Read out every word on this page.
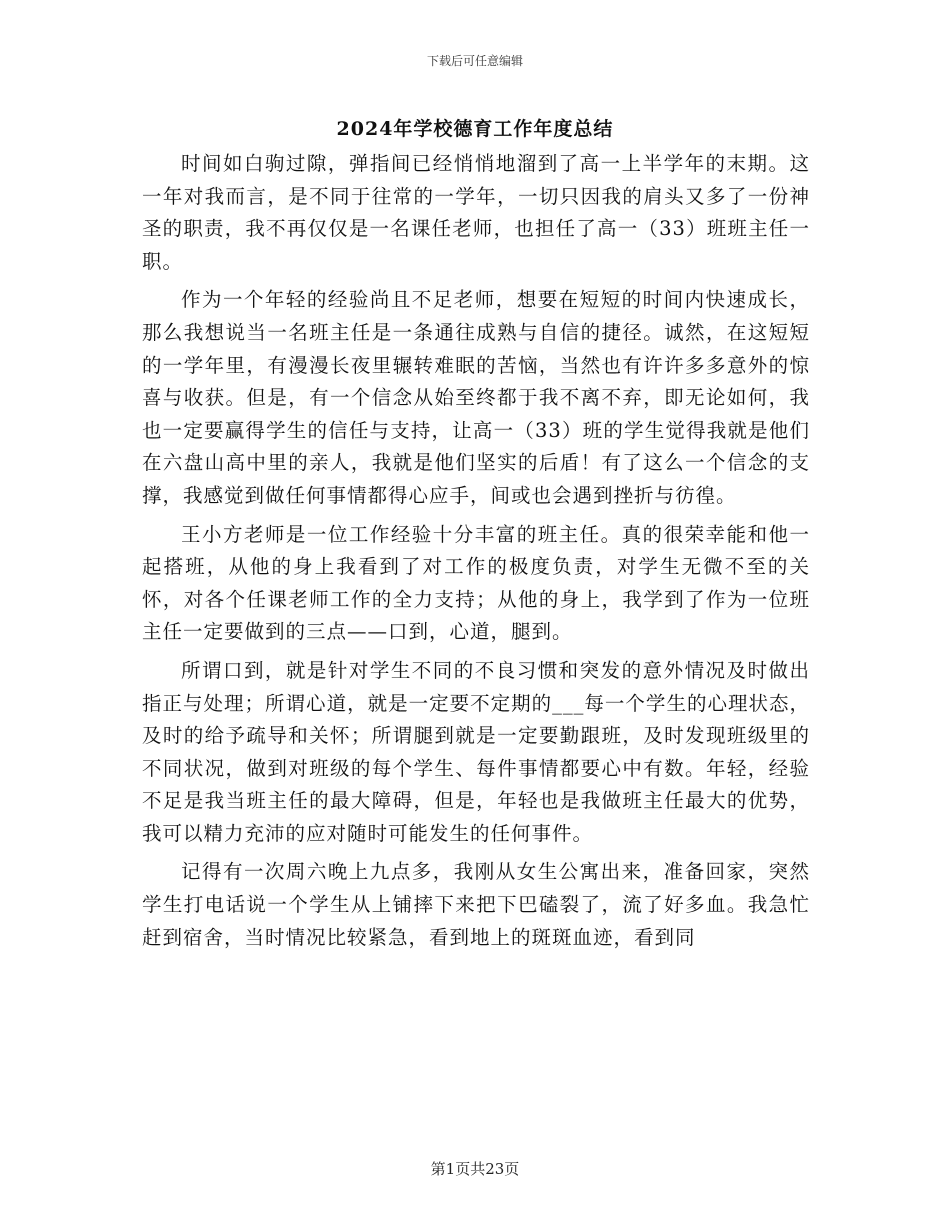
下载后可任意编辑
2024年学校德育工作年度总结

时间如白驹过隙，弹指间已经悄悄地溜到了高一上半学年的末期。这一年对我而言，是不同于往常的一学年，一切只因我的肩头又多了一份神圣的职责，我不再仅仅是一名课任老师，也担任了高一（33）班班主任一职。

作为一个年轻的经验尚且不足老师，想要在短短的时间内快速成长，那么我想说当一名班主任是一条通往成熟与自信的捷径。诚然，在这短短的一学年里，有漫漫长夜里辗转难眠的苦恼，当然也有许许多多意外的惊喜与收获。但是，有一个信念从始至终都于我不离不弃，即无论如何，我也一定要赢得学生的信任与支持，让高一（33）班的学生觉得我就是他们在六盘山高中里的亲人，我就是他们坚实的后盾！有了这么一个信念的支撑，我感觉到做任何事情都得心应手，间或也会遇到挫折与彷徨。

王小方老师是一位工作经验十分丰富的班主任。真的很荣幸能和他一起搭班，从他的身上我看到了对工作的极度负责，对学生无微不至的关怀，对各个任课老师工作的全力支持；从他的身上，我学到了作为一位班主任一定要做到的三点——口到，心道，腿到。

所谓口到，就是针对学生不同的不良习惯和突发的意外情况及时做出指正与处理；所谓心道，就是一定要不定期的___每一个学生的心理状态，及时的给予疏导和关怀；所谓腿到就是一定要勤跟班，及时发现班级里的不同状况，做到对班级的每个学生、每件事情都要心中有数。年轻，经验不足是我当班主任的最大障碍，但是，年轻也是我做班主任最大的优势，我可以精力充沛的应对随时可能发生的任何事件。

记得有一次周六晚上九点多，我刚从女生公寓出来，准备回家，突然学生打电话说一个学生从上铺摔下来把下巴磕裂了，流了好多血。我急忙赶到宿舍，当时情况比较紧急，看到地上的斑斑血迹，看到同

第1页共23页
